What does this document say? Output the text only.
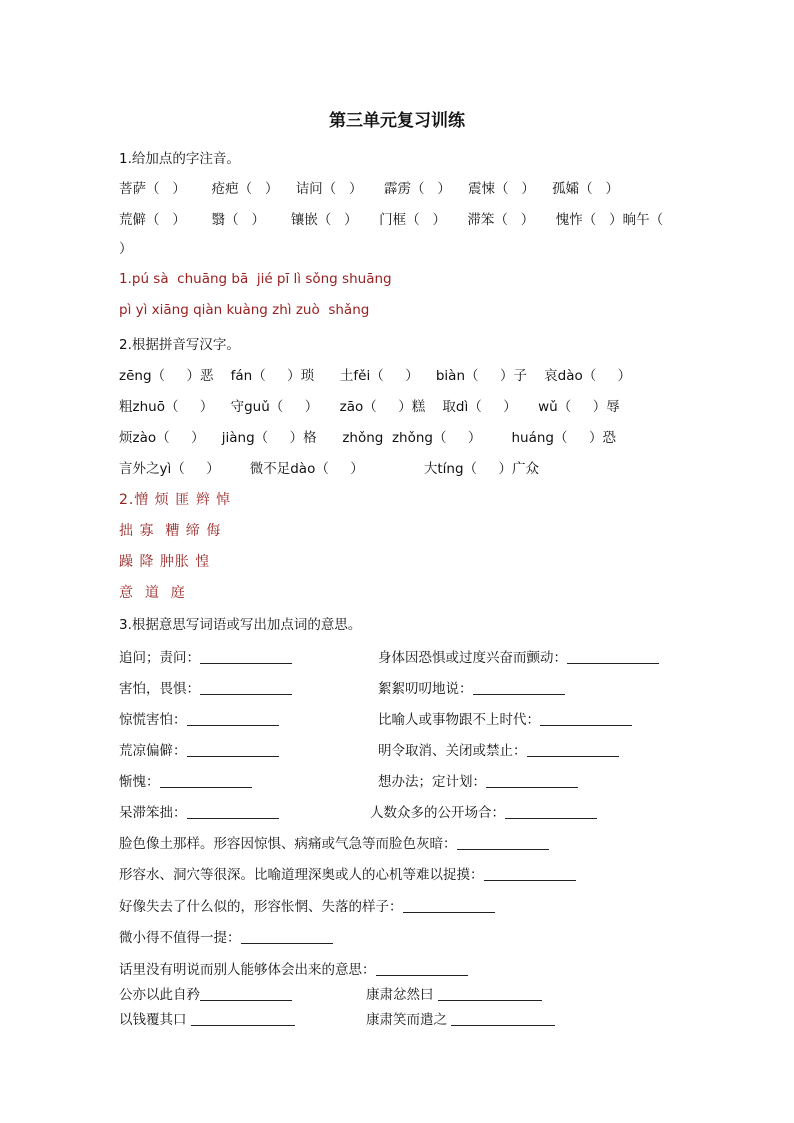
第三单元复习训练
1.给加点的字注音。
菩萨（   ）      疮疤（   ）    诘问（   ）     霹雳（   ）    震悚（   ）    孤孀（   ）
荒僻（   ）      翳（   ）      镶嵌（   ）     门框（   ）     滞笨（   ）     愧怍（   ）晌午（
）
1.pú sà  chuāng bā  jié pī lì sǒng shuāng
pì yì xiāng qiàn kuàng zhì zuò  shǎng
2.根据拼音写汉字。
zēng（     ）恶    fán（     ）琐      土fěi（     ）    biàn（     ）子    哀dào（     ）
粗zhuō（     ）    守guǔ（     ）     zāo（     ）糕    取dì（     ）     wǔ（     ）辱
烦zào（     ）    jiàng（     ）格      zhǒng  zhǒng（     ）       huáng（     ）恐
言外之yì（     ）       微不足dào（     ）              大tíng（     ）广众
2.憎 烦 匪 辫 悼
拙 寡  糟 缔 侮
躁 降 肿胀 惶
意  道  庭
3.根据意思写词语或写出加点词的意思。
追问；责问：	身体因恐惧或过度兴奋而颤动：
害怕，畏惧：	絮絮叨叨地说：
惊慌害怕：	比喻人或事物跟不上时代：
荒凉偏僻：	明令取消、关闭或禁止：
惭愧：	想办法；定计划：
呆滞笨拙：	人数众多的公开场合：
脸色像土那样。形容因惊惧、病痛或气急等而脸色灰暗：
形容水、洞穴等很深。比喻道理深奥或人的心机等难以捉摸：
好像失去了什么似的，形容怅惘、失落的样子：
微小得不值得一提：
话里没有明说而别人能够体会出来的意思：
公亦以此自矜	康肃忿然曰
以钱覆其口	康肃笑而遣之
